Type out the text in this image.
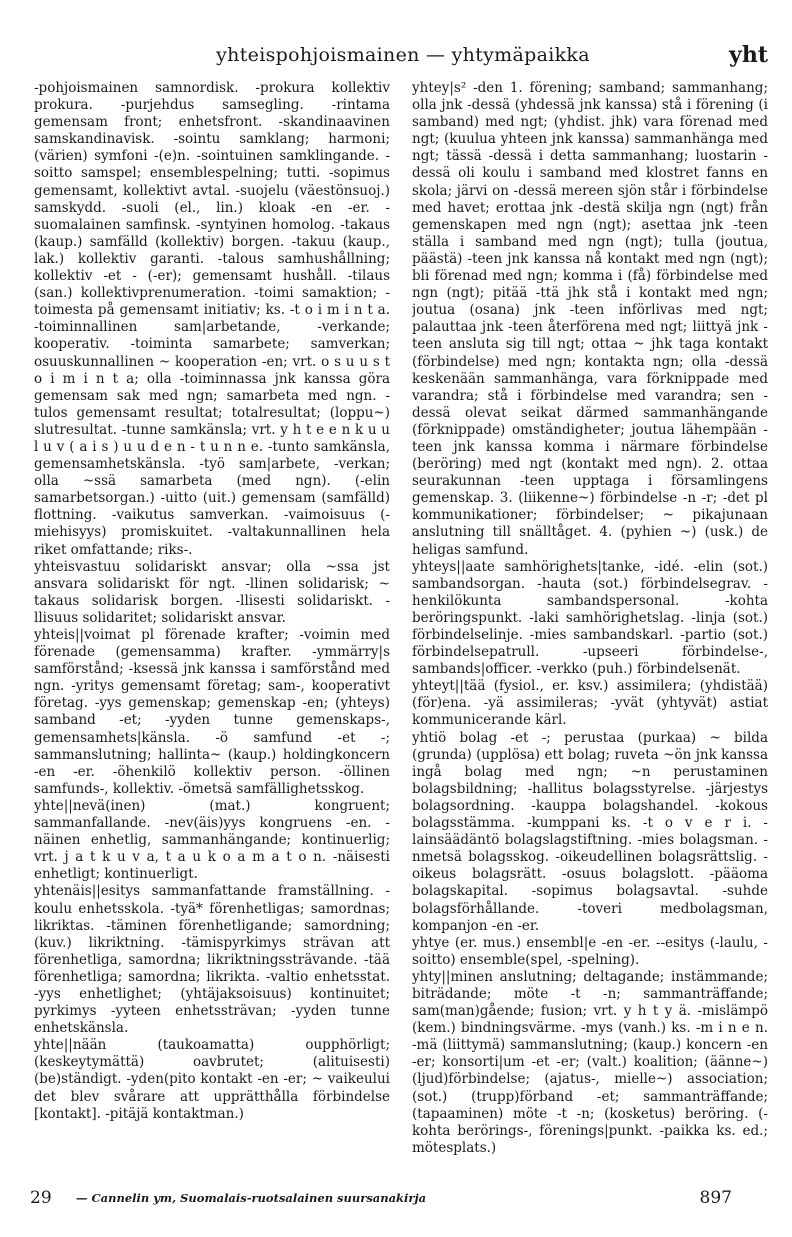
yhteispohjoismainen — yhtymäpaikka	yht

-pohjoismainen samnordisk. -prokura kollektiv prokura. -purjehdus samsegling. -rintama gemensam front; enhetsfront. -skandinaavinen samskandinavisk. -sointu samklang; harmoni; (värien) symfoni -(e)n. -sointuinen samklingande. -soitto samspel; ensemblespelning; tutti. -sopimus gemensamt, kollektivt avtal. -suojelu (väestönsuoj.) samskydd. -suoli (el., lin.) kloak -en -er. -suomalainen samfinsk. -syntyinen homolog. -takaus (kaup.) samfälld (kollektiv) borgen. -takuu (kaup., lak.) kollektiv garanti. -talous samhushållning; kollektiv -et - (-er); gemensamt hushåll. -tilaus (san.) kollektivprenumeration. -toimi samaktion; -toimesta på gemensamt initiativ; ks. -t o i m i n t a. -toiminnallinen sam|arbetande, -verkande; kooperativ. -toiminta samarbete; samverkan; osuuskunnallinen ~ kooperation -en; vrt. o s u u s t o i m i n t a; olla -toiminnassa jnk kanssa göra gemensam sak med ngn; samarbeta med ngn. -tulos gemensamt resultat; totalresultat; (loppu~) slutresultat. -tunne samkänsla; vrt. y h t e e n k u u l u v ( a i s ) u u d e n - t u n n e. -tunto samkänsla, gemensamhetskänsla. -työ sam|arbete, -verkan; olla ~ssä samarbeta (med ngn). (-elin samarbetsorgan.) -uitto (uit.) gemensam (samfälld) flottning. -vaikutus samverkan. -vaimoisuus (-miehisyys) promiskuitet. -valtakunnallinen hela riket omfattande; riks-.

yhteisvastuu solidariskt ansvar; olla ~ssa jst ansvara solidariskt för ngt. -llinen solidarisk; ~ takaus solidarisk borgen. -llisesti solidariskt. -llisuus solidaritet; solidariskt ansvar.

yhteis||voimat pl förenade krafter; -voimin med förenade (gemensamma) krafter. -ymmärry|s samförstånd; -ksessä jnk kanssa i samförstånd med ngn. -yritys gemensamt företag; sam-, kooperativt företag. -yys gemenskap; gemenskap -en; (yhteys) samband -et; -yyden tunne gemenskaps-, gemensamhets|känsla. -ö samfund -et -; sammanslutning; hallinta~ (kaup.) holdingkoncern -en -er. -öhenkilö kollektiv person. -öllinen samfunds-, kollektiv. -ömetsä samfällighetsskog.

yhte||nevä(inen) (mat.) kongruent; sammanfallande. -nev(äis)yys kongruens -en. -näinen enhetlig, sammanhängande; kontinuerlig; vrt. j a t k u v a, t a u k o a m a t o n. -näisesti enhetligt; kontinuerligt.

yhtenäis||esitys sammanfattande framställning. -koulu enhetsskola. -tyä* förenhetligas; samordnas; likriktas. -täminen förenhetligande; samordning; (kuv.) likriktning. -tämispyrkimys strävan att förenhetliga, samordna; likriktningssträvande. -tää förenhetliga; samordna; likrikta. -valtio enhetsstat. -yys enhetlighet; (yhtäjaksoisuus) kontinuitet; pyrkimys -yyteen enhetssträvan; -yyden tunne enhetskänsla.

yhte||nään (taukoamatta) oupphörligt; (keskeytymättä) oavbrutet; (alituisesti) (be)ständigt. -yden(pito kontakt -en -er; ~ vaikeului det blev svårare att upprätthålla förbindelse [kontakt]. -pitäjä kontaktman.)

yhtey|s² -den 1. förening; samband; sammanhang; olla jnk -dessä (yhdessä jnk kanssa) stå i förening (i samband) med ngt; (yhdist. jhk) vara förenad med ngt; (kuulua yhteen jnk kanssa) sammanhänga med ngt; tässä -dessä i detta sammanhang; luostarin -dessä oli koulu i samband med klostret fanns en skola; järvi on -dessä mereen sjön står i förbindelse med havet; erottaa jnk -destä skilja ngn (ngt) från gemenskapen med ngn (ngt); asettaa jnk -teen ställa i samband med ngn (ngt); tulla (joutua, päästä) -teen jnk kanssa nå kontakt med ngn (ngt); bli förenad med ngn; komma i (få) förbindelse med ngn (ngt); pitää -ttä jhk stå i kontakt med ngn; joutua (osana) jnk -teen införlivas med ngt; palauttaa jnk -teen återförena med ngt; liittyä jnk -teen ansluta sig till ngt; ottaa ~ jhk taga kontakt (förbindelse) med ngn; kontakta ngn; olla -dessä keskenään sammanhänga, vara förknippade med varandra; stå i förbindelse med varandra; sen -dessä olevat seikat därmed sammanhängande (förknippade) omständigheter; joutua lähempään -teen jnk kanssa komma i närmare förbindelse (beröring) med ngt (kontakt med ngn). 2. ottaa seurakunnan -teen upptaga i församlingens gemenskap. 3. (liikenne~) förbindelse -n -r; -det pl kommunikationer; förbindelser; ~ pikajunaan anslutning till snälltåget. 4. (pyhien ~) (usk.) de heligas samfund.

yhteys||aate samhörighets|tanke, -idé. -elin (sot.) sambandsorgan. -hauta (sot.) förbindelsegrav. -henkilökunta sambandspersonal. -kohta beröringspunkt. -laki samhörighetslag. -linja (sot.) förbindelselinje. -mies sambandskarl. -partio (sot.) förbindelsepatrull. -upseeri förbindelse-, sambands|officer. -verkko (puh.) förbindelsenät.

yhteyt||tää (fysiol., er. ksv.) assimilera; (yhdistää) (för)ena. -yä assimileras; -yvät (yhtyvät) astiat kommunicerande kärl.

yhtiö bolag -et -; perustaa (purkaa) ~ bilda (grunda) (upplösa) ett bolag; ruveta ~ön jnk kanssa ingå bolag med ngn; ~n perustaminen bolagsbildning; -hallitus bolagsstyrelse. -järjestys bolagsordning. -kauppa bolagshandel. -kokous bolagsstämma. -kumppani ks. -t o v e r i. -lainsäädäntö bolagslagstiftning. -mies bolagsman. -nmetsä bolagsskog. -oikeudellinen bolagsrättslig. -oikeus bolagsrätt. -osuus bolagslott. -pääoma bolagskapital. -sopimus bolagsavtal. -suhde bolagsförhållande. -toveri medbolagsman, kompanjon -en -er.

yhtye (er. mus.) ensembl|e -en -er. --esitys (-laulu, -soitto) ensemble(spel, -spelning).

yhty||minen anslutning; deltagande; instämmande; biträdande; möte -t -n; sammanträffande; sam(man)gående; fusion; vrt. y h t y ä. -mislämpö (kem.) bindningsvärme. -mys (vanh.) ks. -m i n e n. -mä (liittymä) sammanslutning; (kaup.) koncern -en -er; konsorti|um -et -er; (valt.) koalition; (äänne~) (ljud)förbindelse; (ajatus-, mielle~) association; (sot.) (trupp)förband -et; sammanträffande; (tapaaminen) möte -t -n; (kosketus) beröring. (-kohta berörings-, förenings|punkt. -paikka ks. ed.; mötesplats.)

29 — Cannelin ym, Suomalais-ruotsalainen suursanakirja	897
